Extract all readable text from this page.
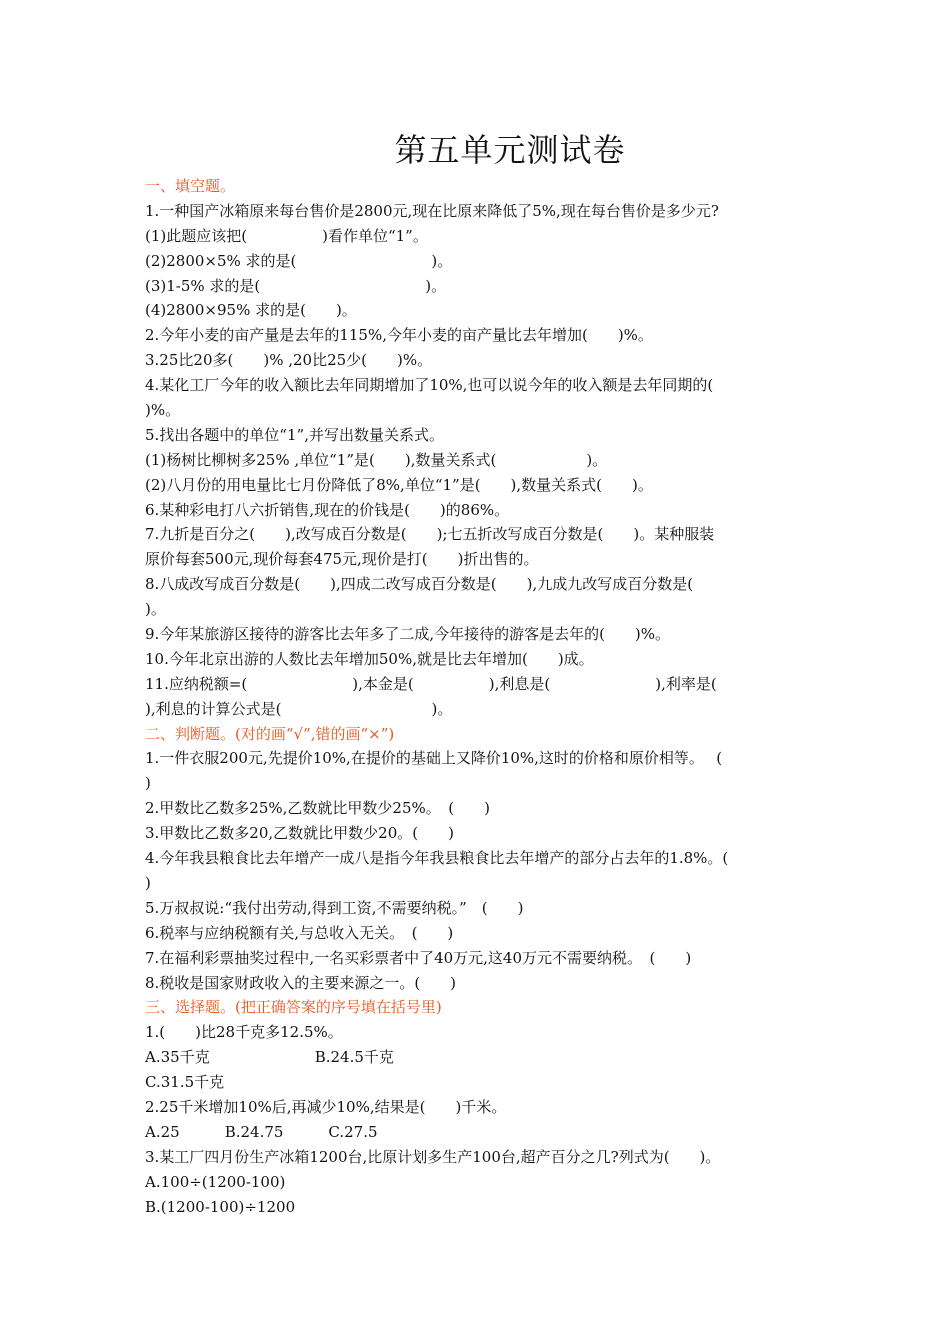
第五单元测试卷
一、填空题。
1.一种国产冰箱原来每台售价是2800元,现在比原来降低了5%,现在每台售价是多少元?
(1)此题应该把(　　　　　)看作单位“1”。
(2)2800×5% 求的是(　　　　　　　　　)。
(3)1-5% 求的是(　　　　　　　　　　　)。
(4)2800×95% 求的是(　　)。
2.今年小麦的亩产量是去年的115%,今年小麦的亩产量比去年增加(　　)%。
3.25比20多(　　)% ,20比25少(　　)%。
4.某化工厂今年的收入额比去年同期增加了10%,也可以说今年的收入额是去年同期的(
)%。
5.找出各题中的单位“1”,并写出数量关系式。
(1)杨树比柳树多25% ,单位“1”是(　　),数量关系式(　　　　　　)。
(2)八月份的用电量比七月份降低了8%,单位“1”是(　　),数量关系式(　　)。
6.某种彩电打八六折销售,现在的价钱是(　　)的86%。
7.九折是百分之(　　),改写成百分数是(　　);七五折改写成百分数是(　　)。某种服装
原价每套500元,现价每套475元,现价是打(　　)折出售的。
8.八成改写成百分数是(　　),四成二改写成百分数是(　　),九成九改写成百分数是(
)。
9.今年某旅游区接待的游客比去年多了二成,今年接待的游客是去年的(　　)%。
10.今年北京出游的人数比去年增加50%,就是比去年增加(　　)成。
11.应纳税额=(　　　　　　　),本金是(　　　　　),利息是(　　　　　　　),利率是(
),利息的计算公式是(　　　　　　　　　　)。
二、判断题。(对的画“√”,错的画“×”)
1.一件衣服200元,先提价10%,在提价的基础上又降价10%,这时的价格和原价相等。　 (
)
2.甲数比乙数多25%,乙数就比甲数少25%。　(　　)
3.甲数比乙数多20,乙数就比甲数少20。(　　)
4.今年我县粮食比去年增产一成八是指今年我县粮食比去年增产的部分占去年的1.8%。(
)
5.万叔叔说:“我付出劳动,得到工资,不需要纳税。”　(　　)
6.税率与应纳税额有关,与总收入无关。　(　　)
7.在福利彩票抽奖过程中,一名买彩票者中了40万元,这40万元不需要纳税。　(　　)
8.税收是国家财政收入的主要来源之一。(　　)
三、选择题。(把正确答案的序号填在括号里)
1.(　　)比28千克多12.5%。
A.35千克　　　　　　　B.24.5千克
C.31.5千克
2.25千米增加10%后,再减少10%,结果是(　　)千米。
A.25　　　B.24.75　　　C.27.5
3.某工厂四月份生产冰箱1200台,比原计划多生产100台,超产百分之几?列式为(　　)。
A.100÷(1200-100)
B.(1200-100)÷1200
